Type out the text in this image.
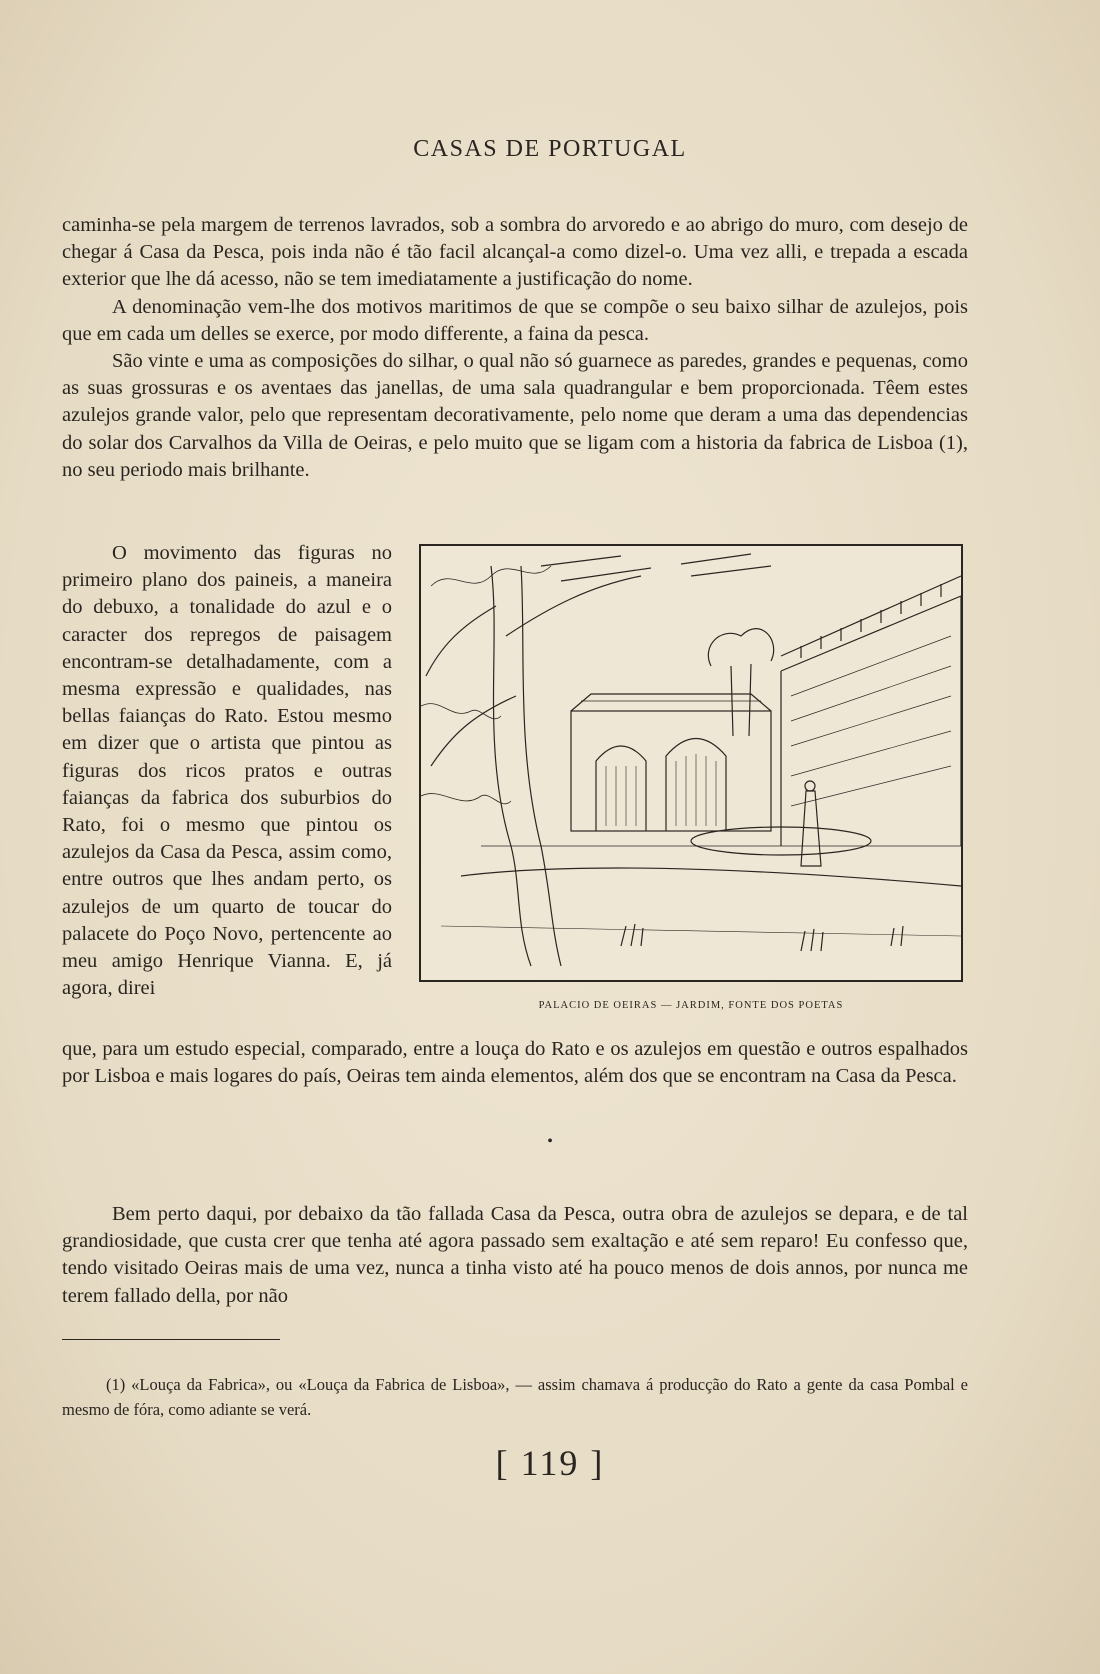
CASAS DE PORTUGAL

caminha-se pela margem de terrenos lavrados, sob a sombra do arvoredo e ao abrigo do muro, com desejo de chegar á Casa da Pesca, pois inda não é tão facil alcançal-a como dizel-o. Uma vez alli, e trepada a escada exterior que lhe dá acesso, não se tem imediatamente a justificação do nome.

A denominação vem-lhe dos motivos maritimos de que se compõe o seu baixo silhar de azulejos, pois que em cada um delles se exerce, por modo differente, a faina da pesca.

São vinte e uma as composições do silhar, o qual não só guarnece as paredes, grandes e pequenas, como as suas grossuras e os aventaes das janellas, de uma sala quadrangular e bem proporcionada. Têem estes azulejos grande valor, pelo que representam decorativamente, pelo nome que deram a uma das dependencias do solar dos Carvalhos da Villa de Oeiras, e pelo muito que se ligam com a historia da fabrica de Lisboa (1), no seu periodo mais brilhante.

O movimento das figuras no primeiro plano dos paineis, a maneira do debuxo, a tonalidade do azul e o caracter dos repregos de paisagem encontram-se detalhadamente, com a mesma expressão e qualidades, nas bellas faianças do Rato. Estou mesmo em dizer que o artista que pintou as figuras dos ricos pratos e outras faianças da fabrica dos suburbios do Rato, foi o mesmo que pintou os azulejos da Casa da Pesca, assim como, entre outros que lhes andam perto, os azulejos de um quarto de toucar do palacete do Poço Novo, pertencente ao meu amigo Henrique Vianna. E, já agora, direi

PALACIO DE OEIRAS — JARDIM, FONTE DOS POETAS

que, para um estudo especial, comparado, entre a louça do Rato e os azulejos em questão e outros espalhados por Lisboa e mais logares do país, Oeiras tem ainda elementos, além dos que se encontram na Casa da Pesca.

•

Bem perto daqui, por debaixo da tão fallada Casa da Pesca, outra obra de azulejos se depara, e de tal grandiosidade, que custa crer que tenha até agora passado sem exaltação e até sem reparo! Eu confesso que, tendo visitado Oeiras mais de uma vez, nunca a tinha visto até ha pouco menos de dois annos, por nunca me terem fallado della, por não

(1) «Louça da Fabrica», ou «Louça da Fabrica de Lisboa», — assim chamava á producção do Rato a gente da casa Pombal e mesmo de fóra, como adiante se verá.

[ 119 ]
